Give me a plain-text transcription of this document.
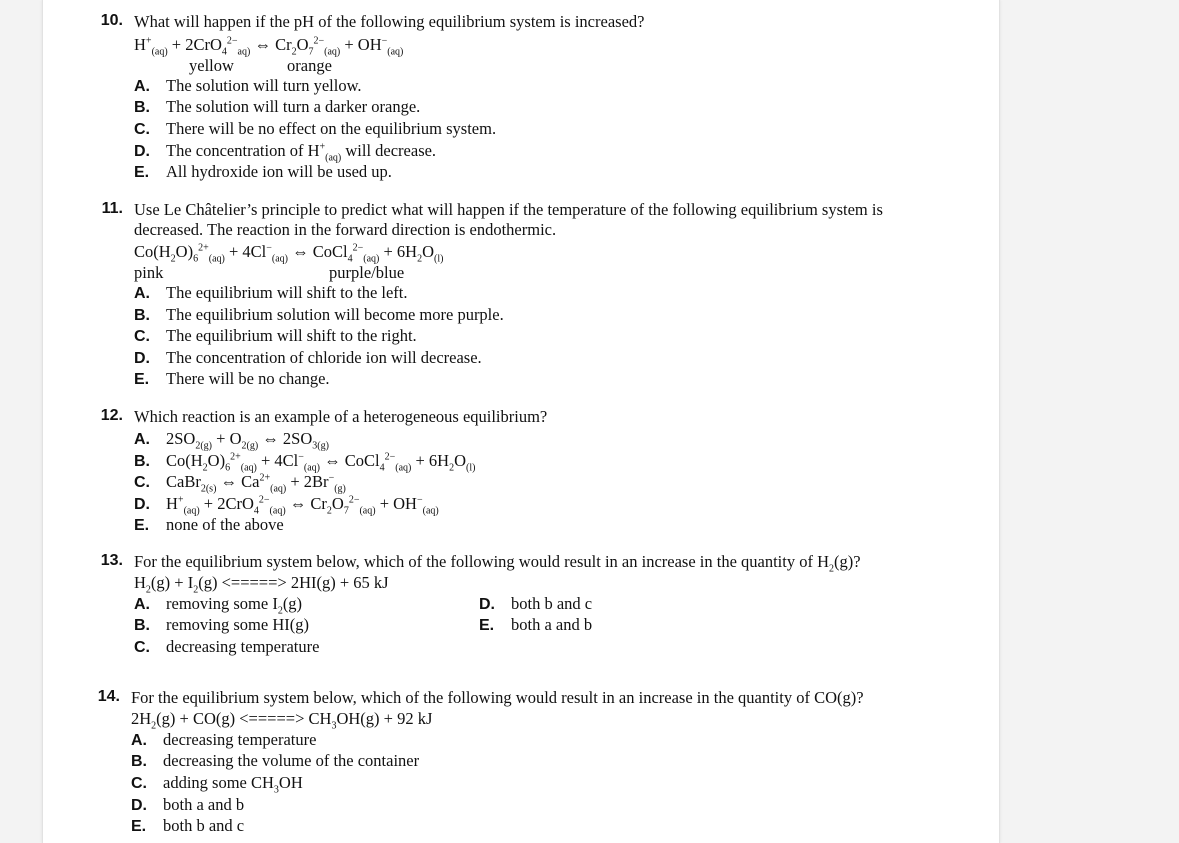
10. What will happen if the pH of the following equilibrium system is increased?
$H^+_{(aq)} + 2CrO_4^{2-}_{aq)}$ ⇔ $Cr_2O_7^{2-}_{(aq)} + OH^-_{(aq)}$
yellow	orange
A. The solution will turn yellow.
B. The solution will turn a darker orange.
C. There will be no effect on the equilibrium system.
D. The concentration of $H^+_{(aq)}$ will decrease.
E. All hydroxide ion will be used up.
11. Use Le Châtelier’s principle to predict what will happen if the temperature of the following equilibrium system is
decreased. The reaction in the forward direction is endothermic.
$Co(H_2O)_6^{2+}_{(aq)} + 4Cl^-_{(aq)}$ ⇔ CoCl$_4^{2-}_{(aq)}$ + $6H_2O_{(l)}$
pink	purple/blue
A. The equilibrium will shift to the left.
B. The equilibrium solution will become more purple.
C. The equilibrium will shift to the right.
D. The concentration of chloride ion will decrease.
E. There will be no change.
12. Which reaction is an example of a heterogeneous equilibrium?
A. $2SO_{2(g)} + O_{2(g)}$ ⇔ $2SO_{3(g)}$
B. $Co(H_2O)_6^{2+}_{(aq)} + 4Cl^-_{(aq)}$ ⇔ CoCl$_4^{2-}_{(aq)}$ + $6H_2O_{(l)}$
C. CaBr$_{2(s)}$ ⇔ $Ca^{2+}_{(aq)} + 2Br^-_{(g)}$
D. $H^+_{(aq)} + 2CrO_4^{2-}_{(aq)}$ ⇔ $Cr_2O_7^{2-}_{(aq)} + OH^-_{(aq)}$
E. none of the above
13. For the equilibrium system below, which of the following would result in an increase in the quantity of $H_2(g)$?
$H_2(g) + I_2(g)$ <=====> 2HI(g) + 65 kJ
A. removing some $I_2(g)$
B. removing some HI(g)
C. decreasing temperature
D. both b and c
E. both a and b
14. For the equilibrium system below, which of the following would result in an increase in the quantity of CO(g)?
$2H_2(g) + CO(g)$ <=====> $CH_3OH(g) + 92$ kJ
A. decreasing temperature
B. decreasing the volume of the container
C. adding some $CH_3OH$
D. both a and b
E. both b and c
